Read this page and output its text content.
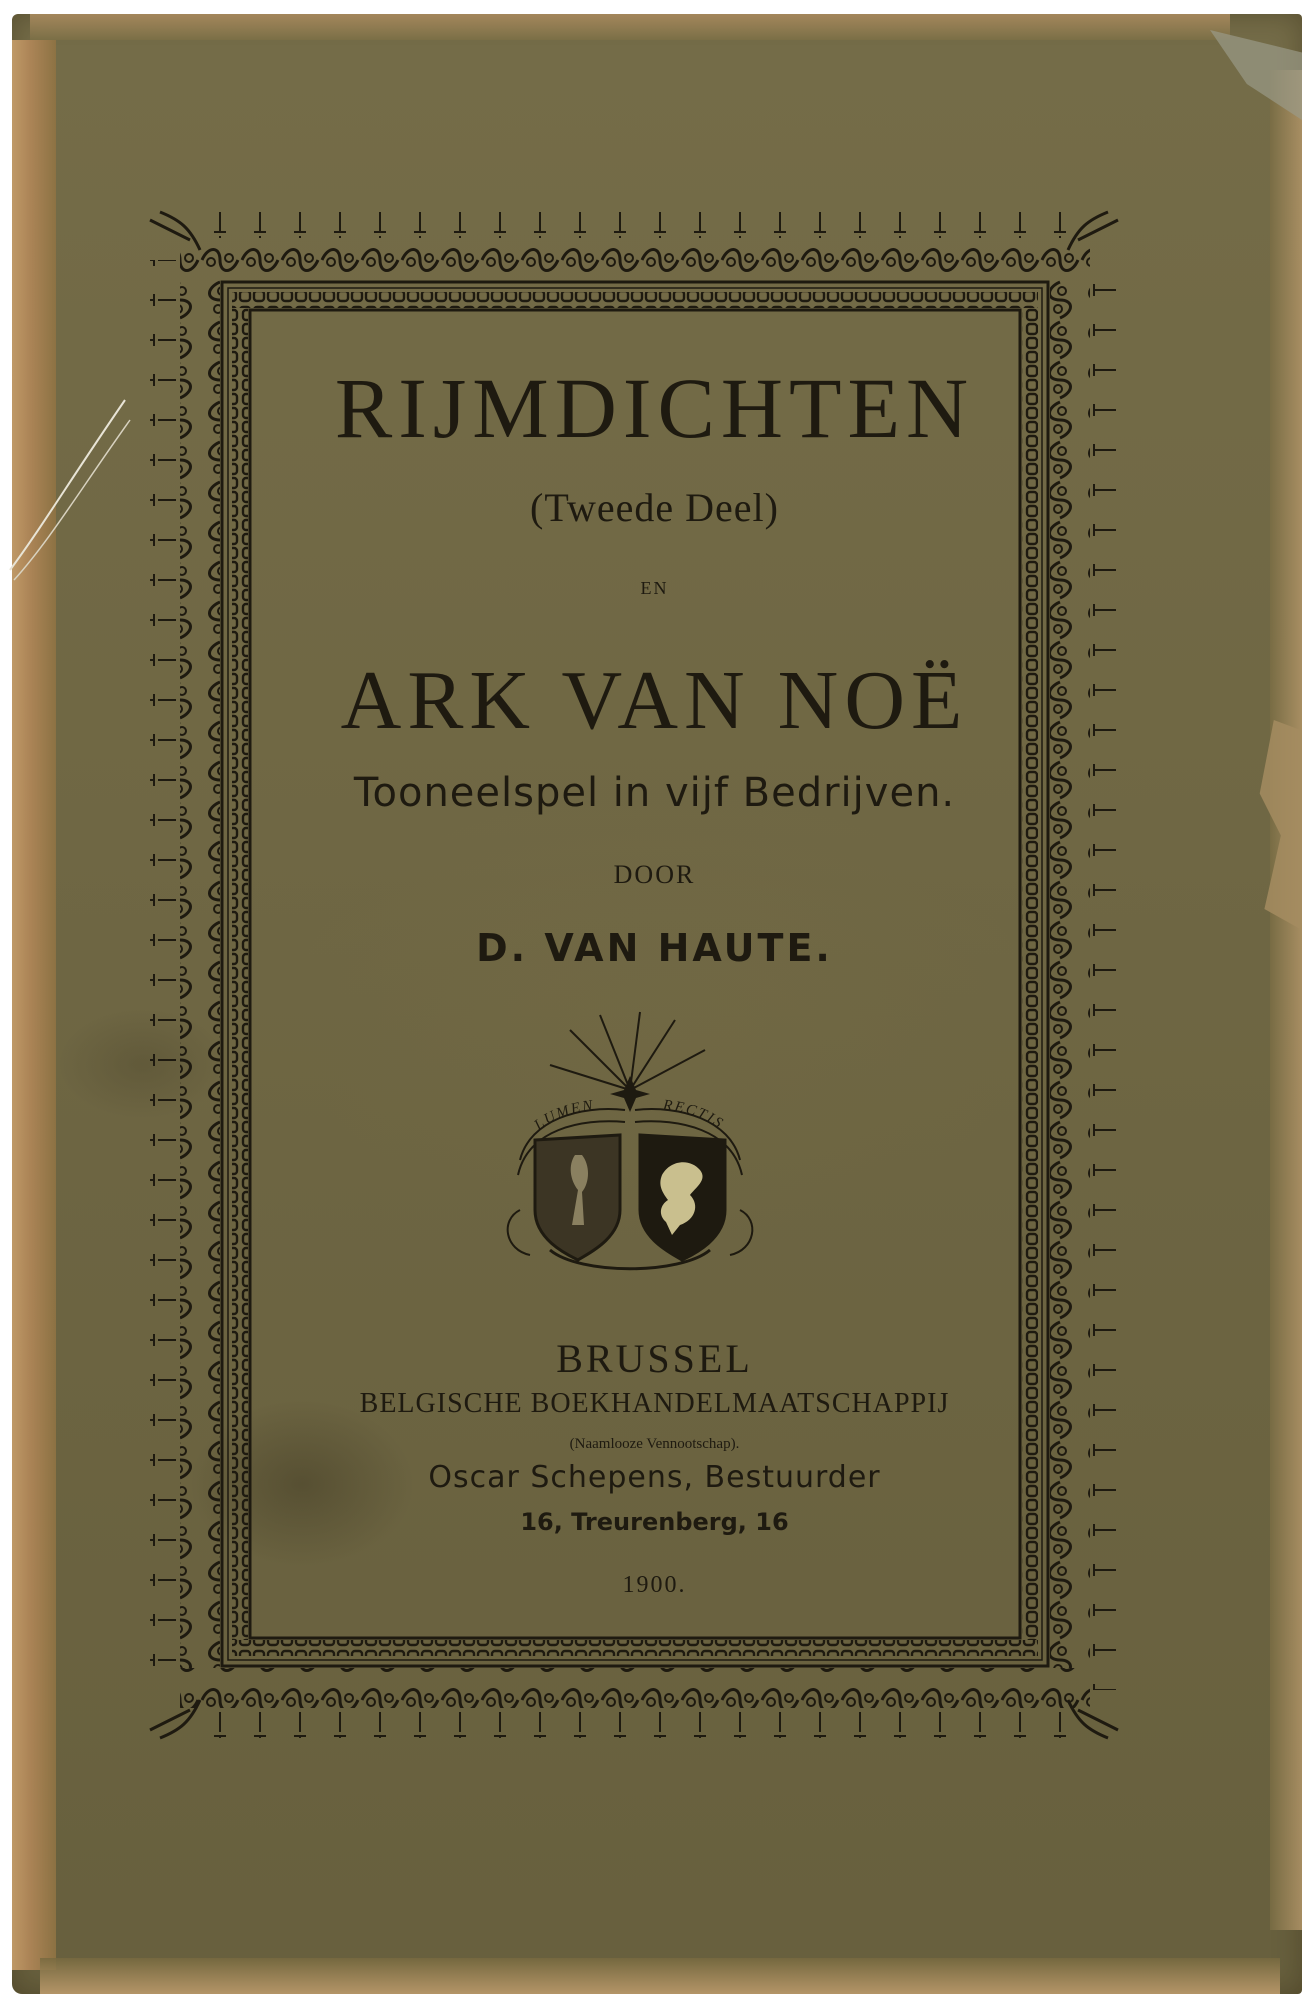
RIJMDICHTEN
(Tweede Deel)
EN
ARK VAN NOË
Tooneelspel in vijf Bedrijven.
DOOR
D. VAN HAUTE.
LUMEN	RECTIS
BRUSSEL
BELGISCHE BOEKHANDELMAATSCHAPPIJ
(Naamlooze Vennootschap).
Oscar Schepens, Bestuurder
16, Treurenberg, 16
1900.
